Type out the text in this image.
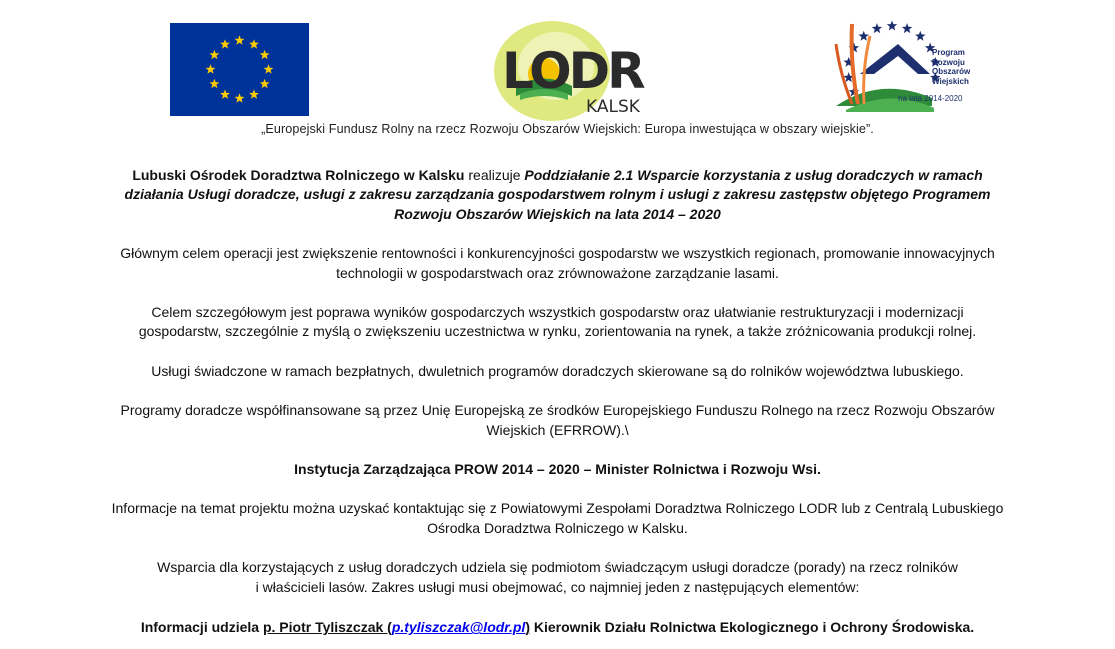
LODR
KALSK
Program
Rozwoju
Obszarów
Wiejskich
na lata 2014-2020
„Europejski Fundusz Rolny na rzecz Rozwoju Obszarów Wiejskich: Europa inwestująca w obszary wiejskie”.

Lubuski Ośrodek Doradztwa Rolniczego w Kalsku realizuje Poddziałanie 2.1 Wsparcie korzystania z usług doradczych w ramach
działania Usługi doradcze, usługi z zakresu zarządzania gospodarstwem rolnym i usługi z zakresu zastępstw objętego Programem
Rozwoju Obszarów Wiejskich na lata 2014 – 2020

Głównym celem operacji jest zwiększenie rentowności i konkurencyjności gospodarstw we wszystkich regionach, promowanie innowacyjnych
technologii w gospodarstwach oraz zrównoważone zarządzanie lasami.

Celem szczegółowym jest poprawa wyników gospodarczych wszystkich gospodarstw oraz ułatwianie restrukturyzacji i modernizacji
gospodarstw, szczególnie z myślą o zwiększeniu uczestnictwa w rynku, zorientowania na rynek, a także zróżnicowania produkcji rolnej.

Usługi świadczone w ramach bezpłatnych, dwuletnich programów doradczych skierowane są do rolników województwa lubuskiego.

Programy doradcze współfinansowane są przez Unię Europejską ze środków Europejskiego Funduszu Rolnego na rzecz Rozwoju Obszarów
Wiejskich (EFRROW).\

Instytucja Zarządzająca PROW 2014 – 2020 – Minister Rolnictwa i Rozwoju Wsi.

Informacje na temat projektu można uzyskać kontaktując się z Powiatowymi Zespołami Doradztwa Rolniczego LODR lub z Centralą Lubuskiego
Ośrodka Doradztwa Rolniczego w Kalsku.

Wsparcia dla korzystających z usług doradczych udziela się podmiotom świadczącym usługi doradcze (porady) na rzecz rolników
i właścicieli lasów. Zakres usługi musi obejmować, co najmniej jeden z następujących elementów:

Informacji udziela p. Piotr Tyliszczak (p.tyliszczak@lodr.pl) Kierownik Działu Rolnictwa Ekologicznego i Ochrony Środowiska.
